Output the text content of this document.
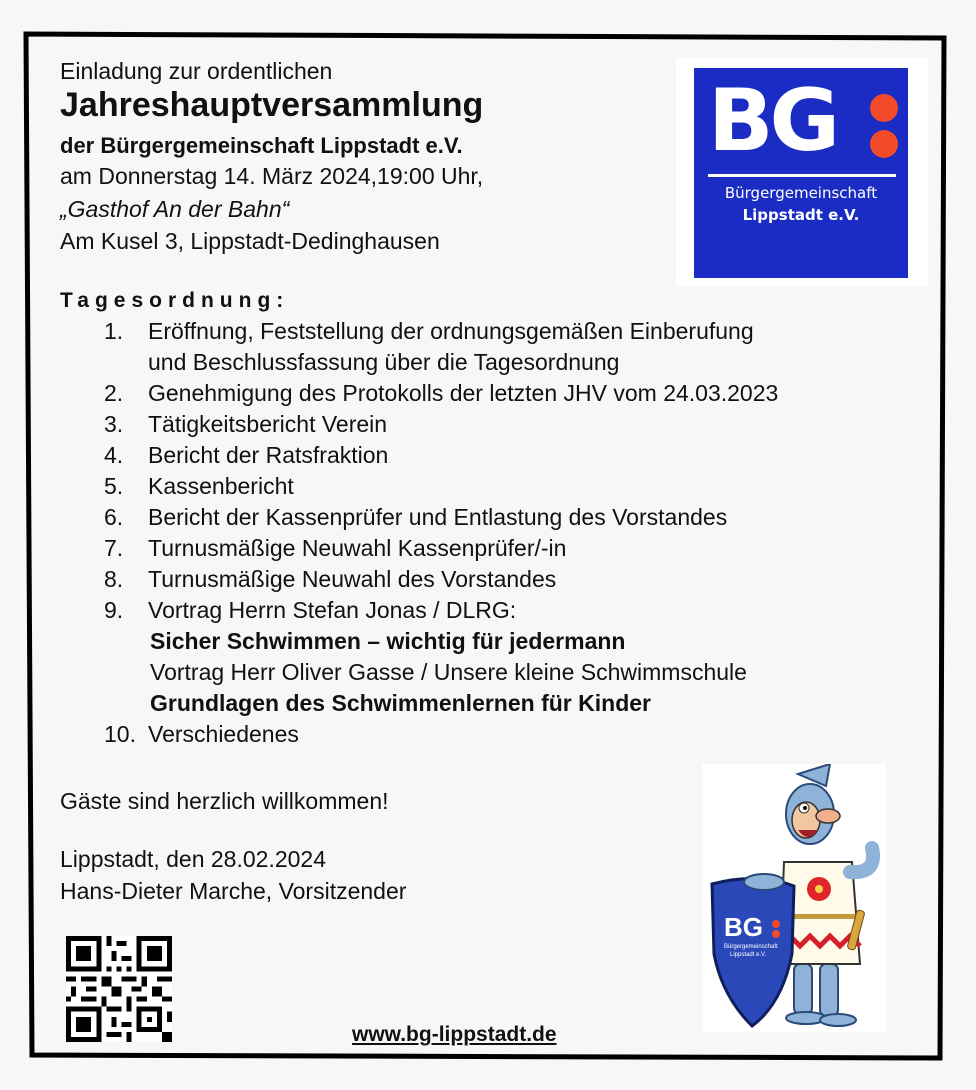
Einladung zur ordentlichen
Jahreshauptversammlung
der Bürgergemeinschaft Lippstadt e.V.
am Donnerstag 14. März 2024,19:00 Uhr,
„Gasthof An der Bahn“
Am Kusel 3, Lippstadt-Dedinghausen
BG
Bürgergemeinschaft
Lippstadt e.V.
Tagesordnung:
1.	Eröffnung, Feststellung der ordnungsgemäßen Einberufung
und Beschlussfassung über die Tagesordnung
2.	Genehmigung des Protokolls der letzten JHV vom 24.03.2023
3.	Tätigkeitsbericht Verein
4.	Bericht der Ratsfraktion
5.	Kassenbericht
6.	Bericht der Kassenprüfer und Entlastung des Vorstandes
7.	Turnusmäßige Neuwahl Kassenprüfer/-in
8.	Turnusmäßige Neuwahl des Vorstandes
9.	Vortrag Herrn Stefan Jonas / DLRG:
Sicher Schwimmen – wichtig für jedermann
Vortrag Herr Oliver Gasse / Unsere kleine Schwimmschule
Grundlagen des Schwimmenlernen für Kinder
10. Verschiedenes
Gäste sind herzlich willkommen!
Lippstadt, den 28.02.2024
Hans-Dieter Marche, Vorsitzender
www.bg-lippstadt.de
BG
Bürgergemeinschaft
Lippstadt e.V.
